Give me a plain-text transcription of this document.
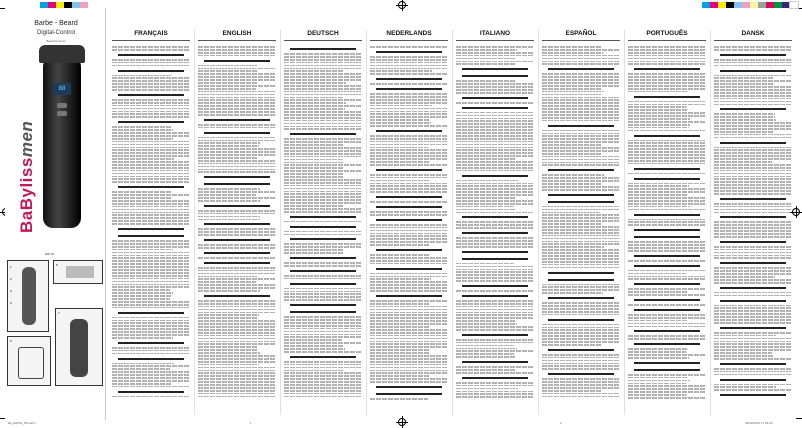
E6_E807E_IB.indd 1	05/02/2015 17:25:20
1	2
Barbe - Beard
Digital-Control
Beard trimmer
88
BaBylissmen
E807E
1
2
3
4
5
6
7
FRANÇAIS	ENGLISH	DEUTSCH	NEDERLANDS	ITALIANO	ESPAÑOL	PORTUGUÊS	DANSK
